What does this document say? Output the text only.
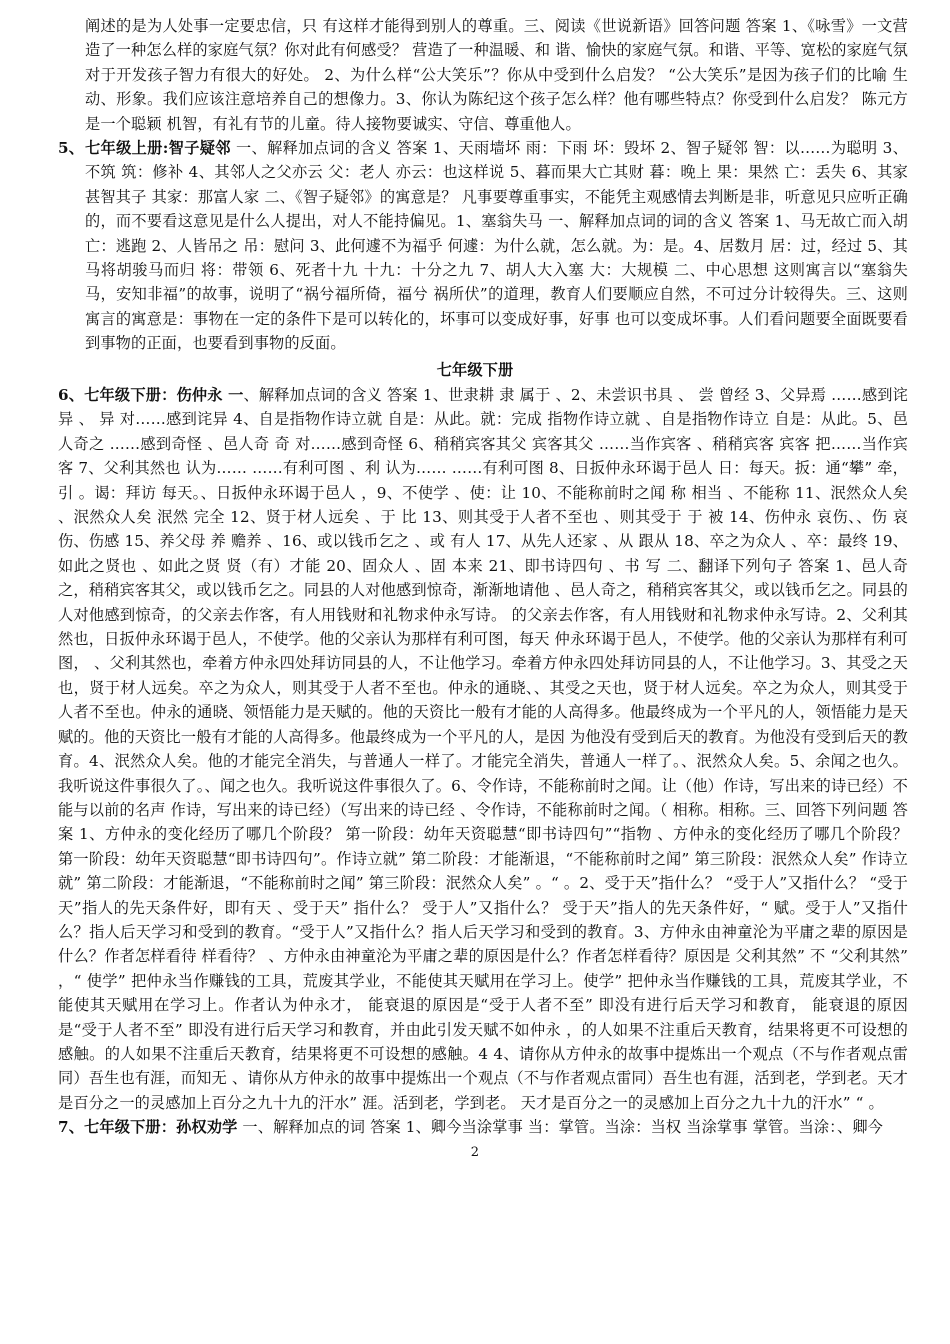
阐述的是为人处事一定要忠信，只 有这样才能得到别人的尊重。三、阅读《世说新语》回答问题 答案 1、《咏雪》一文营造了一种怎么样的家庭气氛？你对此有何感受？ 营造了一种温暖、和 谐、愉快的家庭气氛。和谐、平等、宽松的家庭气氛对于开发孩子智力有很大的好处。 2、为什么样“公大笑乐”？你从中受到什么启发？ “公大笑乐”是因为孩子们的比喻 生动、形象。我们应该注意培养自己的想像力。3、你认为陈纪这个孩子怎么样？他有哪些特点？你受到什么启发？ 陈元方是一个聪颖 机智，有礼有节的儿童。待人接物要诚实、守信、尊重他人。

5、 七年级上册:智子疑邻 一、解释加点词的含义 答案 1、天雨墙坏 雨：下雨 坏：毁坏 2、智子疑邻 智：以……为聪明 3、不筑 筑：修补 4、其邻人之父亦云 父：老人 亦云：也这样说 5、暮而果大亡其财 暮：晚上 果：果然 亡：丢失 6、其家甚智其子 其家：那富人家 二、《智子疑邻》的寓意是？ 凡事要尊重事实，不能凭主观感情去判断是非，听意见只应听正确的，而不要看这意见是什么人提出，对人不能持偏见。1、塞翁失马 一、解释加点词的词的含义 答案 1、马无故亡而入胡 亡：逃跑 2、人皆吊之 吊：慰问 3、此何遽不为福乎 何遽：为什么就，怎么就。为：是。4、居数月 居：过，经过 5、其马将胡骏马而归 将：带领 6、死者十九 十九：十分之九 7、胡人大入塞 大：大规模 二、中心思想 这则寓言以“塞翁失马，安知非福”的故事，说明了“祸兮福所倚，福兮 祸所伏”的道理，教育人们要顺应自然，不可过分计较得失。三、这则寓言的寓意是：事物在一定的条件下是可以转化的，坏事可以变成好事，好事 也可以变成坏事。人们看问题要全面既要看到事物的正面，也要看到事物的反面。

七年级下册

6、七年级下册：伤仲永 一、解释加点词的含义 答案 1、世隶耕 隶 属于 、2、未尝识书具 、 尝 曾经 3、父异焉 ……感到诧异 、 异 对……感到诧异 4、自是指物作诗立就 自是：从此。就：完成 指物作诗立就 、自是指物作诗立 自是：从此。5、邑人奇之 ……感到奇怪 、邑人奇 奇 对……感到奇怪 6、稍稍宾客其父 宾客其父 ……当作宾客 、稍稍宾客 宾客 把……当作宾客 7、父利其然也 认为…… ……有利可图 、利 认为…… ……有利可图 8、日扳仲永环谒于邑人 日：每天。扳：通“攀” 牵，引 。谒：拜访 每天。、日扳仲永环谒于邑人 ，9、不使学 、使：让 10、不能称前时之闻 称 相当 、不能称 11、泯然众人矣 、泯然众人矣 泯然 完全 12、贤于材人远矣 、于 比 13、则其受于人者不至也 、则其受于 于 被 14、伤仲永 哀伤、、伤 哀伤、伤感 15、养父母 养 赡养 、16、或以钱币乞之 、或 有人 17、从先人还家 、从 跟从 18、卒之为众人 、卒：最终 19、如此之贤也 、如此之贤 贤（有）才能 20、固众人 、固 本来 21、即书诗四句 、书 写 二、翻译下列句子 答案 1、邑人奇之，稍稍宾客其父，或以钱币乞之。同县的人对他感到惊奇，渐渐地请他 、邑人奇之，稍稍宾客其父，或以钱币乞之。同县的人对他感到惊奇，的父亲去作客，有人用钱财和礼物求仲永写诗。 的父亲去作客，有人用钱财和礼物求仲永写诗。2、父利其然也，日扳仲永环谒于邑人，不使学。他的父亲认为那样有利可图，每天 仲永环谒于邑人，不使学。他的父亲认为那样有利可图， 、父利其然也，牵着方仲永四处拜访同县的人，不让他学习。牵着方仲永四处拜访同县的人，不让他学习。3、其受之天也，贤于材人远矣。卒之为众人，则其受于人者不至也。仲永的通晓、、其受之天也，贤于材人远矣。卒之为众人，则其受于人者不至也。仲永的通晓、领悟能力是天赋的。他的天资比一般有才能的人高得多。他最终成为一个平凡的人，领悟能力是天赋的。他的天资比一般有才能的人高得多。他最终成为一个平凡的人，是因 为他没有受到后天的教育。为他没有受到后天的教育。4、泯然众人矣。他的才能完全消失，与普通人一样了。才能完全消失，普通人一样了。、泯然众人矣。5、余闻之也久。我听说这件事很久了。、闻之也久。我听说这件事很久了。6、令作诗，不能称前时之闻。让（他）作诗，写出来的诗已经）不能与以前的名声 作诗，写出来的诗已经）（写出来的诗已经 、令作诗，不能称前时之闻。（ 相称。相称。三、回答下列问题 答案 1、方仲永的变化经历了哪几个阶段？ 第一阶段：幼年天资聪慧“即书诗四句”“指物 、方仲永的变化经历了哪几个阶段？ 第一阶段：幼年天资聪慧“即书诗四句”。作诗立就” 第二阶段：才能渐退，“不能称前时之闻” 第三阶段：泯然众人矣” 作诗立就” 第二阶段：才能渐退，“不能称前时之闻” 第三阶段：泯然众人矣” 。“ 。2、受于天”指什么？ “受于人”又指什么？ “受于天”指人的先天条件好，即有天 、受于天” 指什么？ 受于人”又指什么？ 受于天”指人的先天条件好，“ 赋。受于人”又指什么？指人后天学习和受到的教育。“受于人”又指什么？指人后天学习和受到的教育。3、方仲永由神童沦为平庸之辈的原因是什么？作者怎样看待 样看待？ 、方仲永由神童沦为平庸之辈的原因是什么？作者怎样看待？原因是 父利其然” 不 “父利其然” ，“ 使学” 把仲永当作赚钱的工具，荒废其学业，不能使其天赋用在学习上。使学” 把仲永当作赚钱的工具，荒废其学业，不能使其天赋用在学习上。作者认为仲永才， 能衰退的原因是“受于人者不至” 即没有进行后天学习和教育， 能衰退的原因是“受于人者不至” 即没有进行后天学习和教育，并由此引发天赋不如仲永 ，的人如果不注重后天教育，结果将更不可设想的感触。的人如果不注重后天教育，结果将更不可设想的感触。4 4、请你从方仲永的故事中提炼出一个观点（不与作者观点雷同）吾生也有涯，而知无 、请你从方仲永的故事中提炼出一个观点（不与作者观点雷同）吾生也有涯，活到老，学到老。天才是百分之一的灵感加上百分之九十九的汗水” 涯。活到老，学到老。 天才是百分之一的灵感加上百分之九十九的汗水” “ 。

7、七年级下册：孙权劝学 一、解释加点的词 答案 1、卿今当涂掌事 当：掌管。当涂：当权 当涂掌事 掌管。当涂：、卿今

2
